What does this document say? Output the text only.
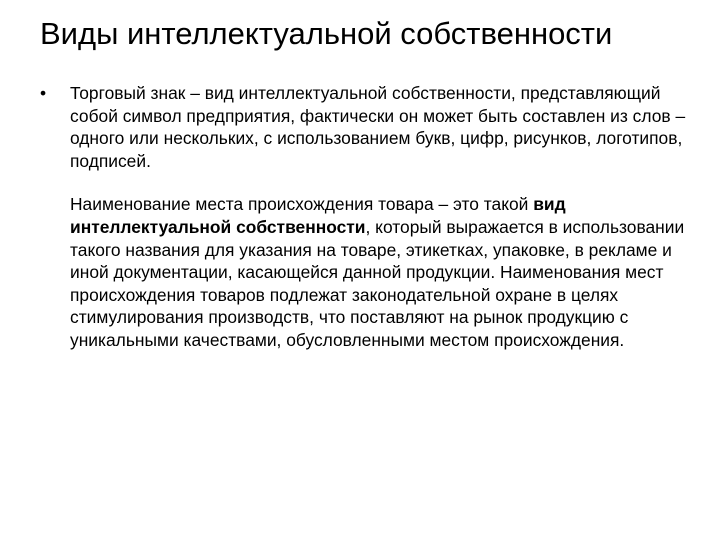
Виды интеллектуальной собственности

•	Торговый знак – вид интеллектуальной собственности, представляющий собой символ предприятия, фактически он может быть составлен из слов – одного или нескольких, с использованием букв, цифр, рисунков, логотипов, подписей.

Наименование места происхождения товара – это такой вид интеллектуальной собственности, который выражается в использовании такого названия для указания на товаре, этикетках, упаковке, в рекламе и иной документации, касающейся данной продукции. Наименования мест происхождения товаров подлежат законодательной охране в целях стимулирования производств, что поставляют на рынок продукцию с уникальными качествами, обусловленными местом происхождения.
